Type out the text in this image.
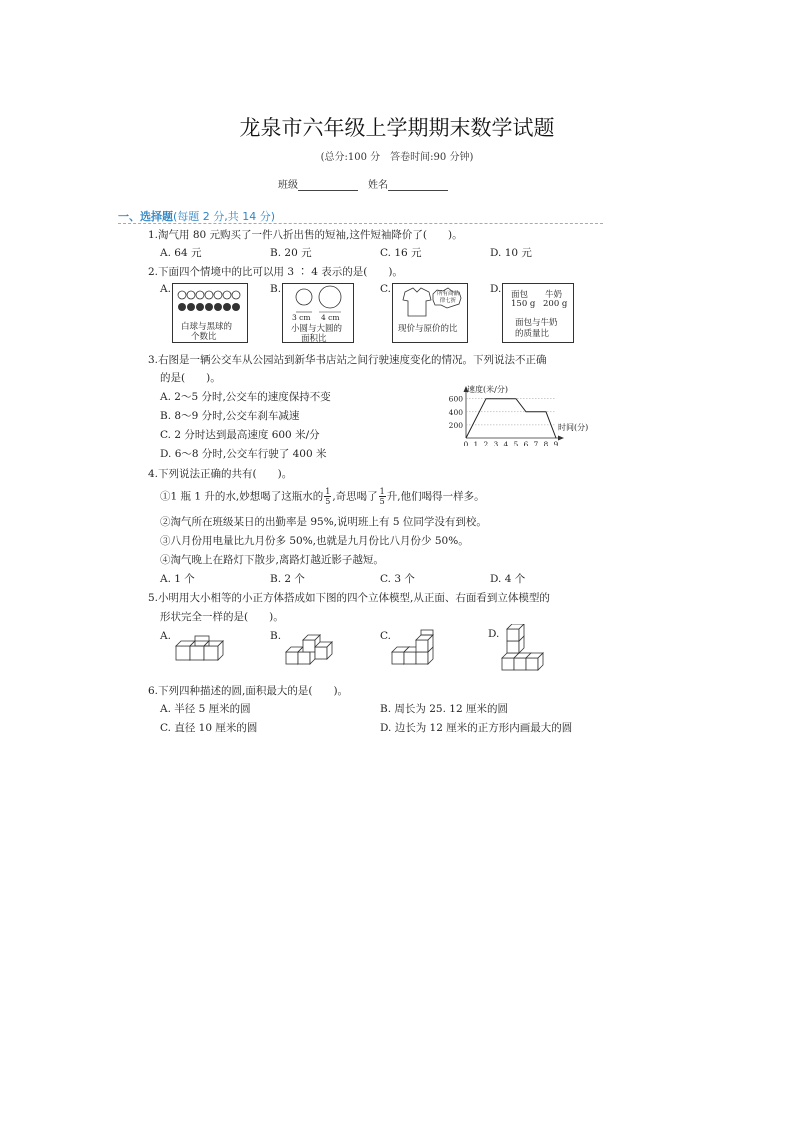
龙泉市六年级上学期期末数学试题
(总分:100 分　答卷时间:90 分钟)
班级	姓名
一、选择题(每题 2 分,共 14 分)
1.淘气用 80 元购买了一件八折出售的短袖,这件短袖降价了(　　)。
A. 64 元	B. 20 元	C. 16 元	D. 10 元
2.下面四个情境中的比可以用 3 ∶ 4 表示的是(　　)。
A.
白球与黑球的
个数比
B.
3 cm 4 cm
小圆与大圆的
面积比
C.	所有商品
律七折
现价与原价的比
D. 面包 牛奶
150 g 200 g
面包与牛奶
的质量比
3.右图是一辆公交车从公园站到新华书店站之间行驶速度变化的情况。下列说法不正确
的是(　　)。
A. 2～5 分时,公交车的速度保持不变
B. 8～9 分时,公交车刹车减速
C. 2 分时达到最高速度 600 米/分
D. 6～8 分时,公交车行驶了 400 米
0 1 2 3 4 5 6 7 8 9
200
400
600
速度(米/分)
时间(分)
4.下列说法正确的共有(　　)。
①1 瓶 1 升的水,妙想喝了这瓶水的 $\frac{1}{5}$ ,奇思喝了 $\frac{1}{5}$ 升,他们喝得一样多。
②淘气所在班级某日的出勤率是 95%,说明班上有 5 位同学没有到校。
③八月份用电量比九月份多 50%,也就是九月份比八月份少 50%。
④淘气晚上在路灯下散步,离路灯越近影子越短。
A. 1 个	B. 2 个	C. 3 个	D. 4 个
5.小明用大小相等的小正方体搭成如下图的四个立体模型,从正面、右面看到立体模型的
形状完全一样的是(　　)。
A.	B.	C.	D.
6.下列四种描述的圆,面积最大的是(　　)。
A. 半径 5 厘米的圆	B. 周长为 25. 12 厘米的圆
C. 直径 10 厘米的圆	D. 边长为 12 厘米的正方形内画最大的圆
